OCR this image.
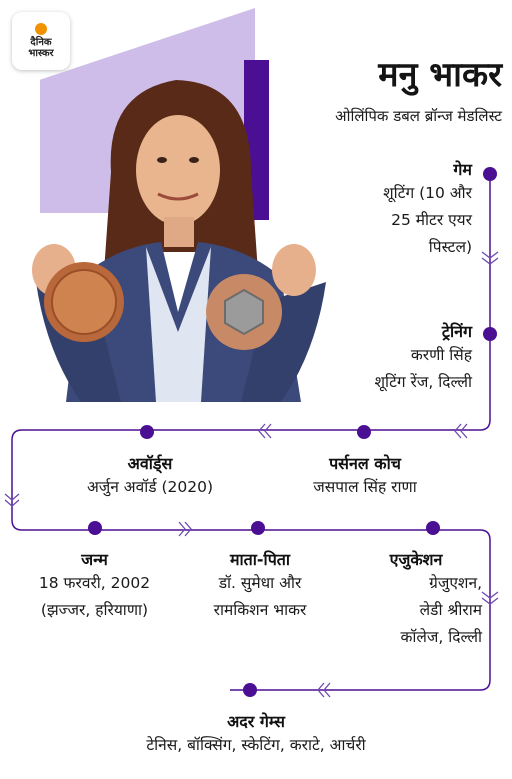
दैनिक
भास्कर
मनु भाकर
ओलिंपिक डबल ब्रॉन्ज मेडलिस्ट
गेम
शूटिंग (10 और
25 मीटर एयर
पिस्टल)
ट्रेनिंग
करणी सिंह
शूटिंग रेंज, दिल्ली
अवॉर्ड्स
अर्जुन अवॉर्ड (2020)
पर्सनल कोच
जसपाल सिंह राणा
जन्म
18 फरवरी, 2002
(झज्जर, हरियाणा)
माता-पिता
डॉ. सुमेधा और
रामकिशन भाकर
एजुकेशन
ग्रेजुएशन,
लेडी श्रीराम
कॉलेज, दिल्ली
अदर गेम्स
टेनिस, बॉक्सिंग, स्केटिंग, कराटे, आर्चरी
